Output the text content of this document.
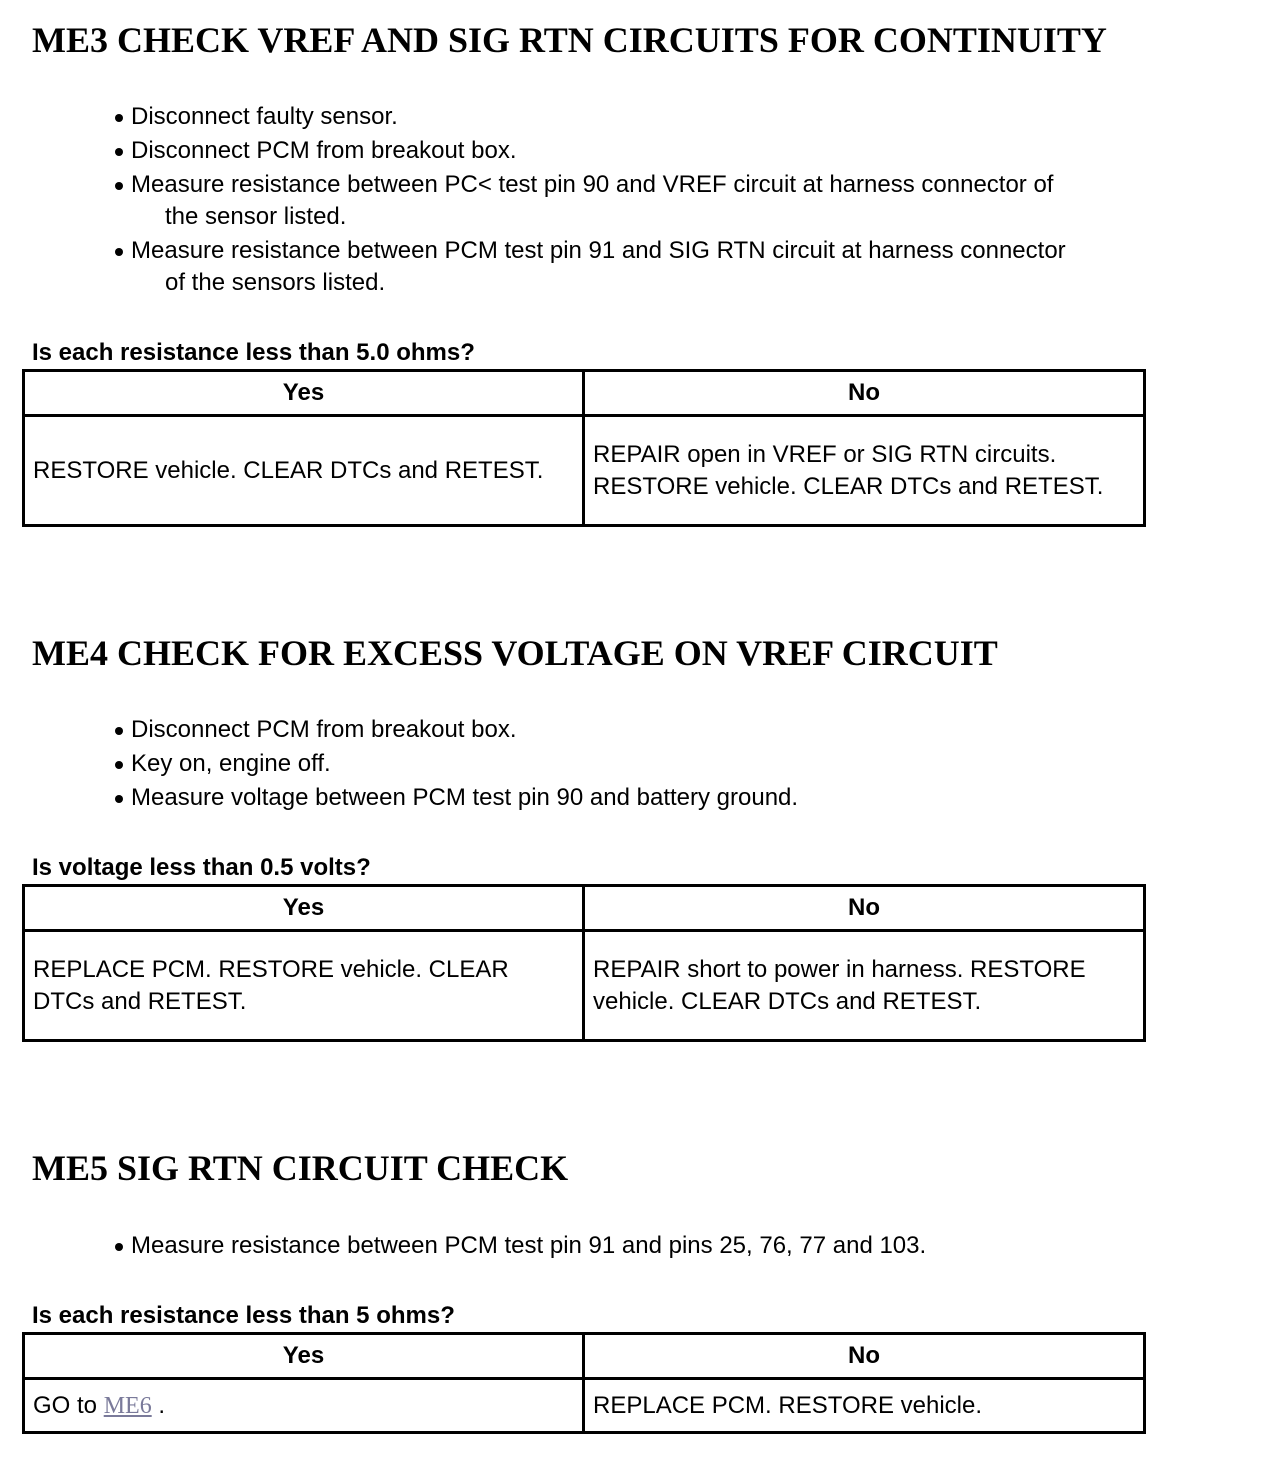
ME3 CHECK VREF AND SIG RTN CIRCUITS FOR CONTINUITY
Disconnect faulty sensor.
Disconnect PCM from breakout box.
Measure resistance between PC< test pin 90 and VREF circuit at harness connector of
the sensor listed.
Measure resistance between PCM test pin 91 and SIG RTN circuit at harness connector
of the sensors listed.

Is each resistance less than 5.0 ohms?

Yes	No
RESTORE vehicle. CLEAR DTCs and RETEST.	REPAIR open in VREF or SIG RTN circuits. RESTORE vehicle. CLEAR DTCs and RETEST.
ME4 CHECK FOR EXCESS VOLTAGE ON VREF CIRCUIT
Disconnect PCM from breakout box.
Key on, engine off.
Measure voltage between PCM test pin 90 and battery ground.

Is voltage less than 0.5 volts?

Yes	No
REPLACE PCM. RESTORE vehicle. CLEAR DTCs and RETEST.	REPAIR short to power in harness. RESTORE vehicle. CLEAR DTCs and RETEST.
ME5 SIG RTN CIRCUIT CHECK
Measure resistance between PCM test pin 91 and pins 25, 76, 77 and 103.

Is each resistance less than 5 ohms?

Yes	No
GO to ME6 .	REPLACE PCM. RESTORE vehicle.
